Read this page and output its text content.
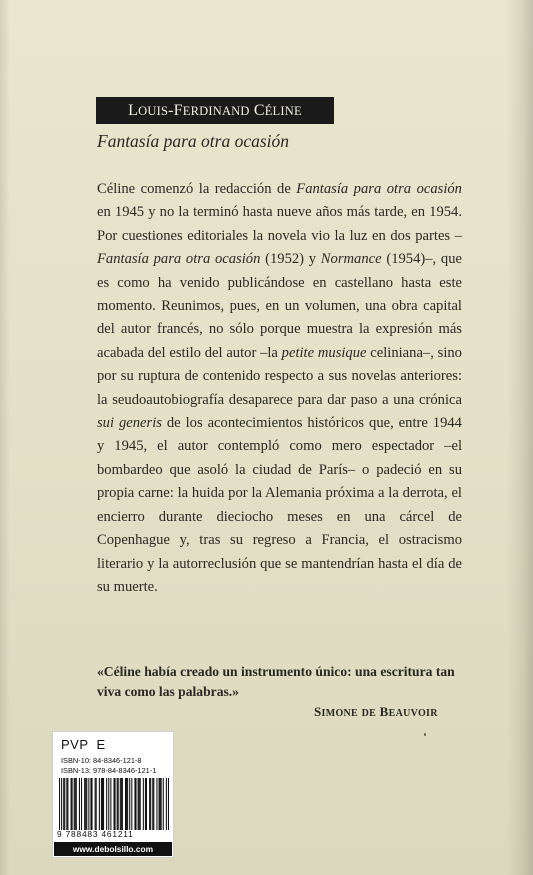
LOUIS-FERDINAND CÉLINE
Fantasía para otra ocasión

Céline comenzó la redacción de Fantasía para otra ocasión en 1945 y no la terminó hasta nueve años más tarde, en 1954. Por cuestiones editoriales la novela vio la luz en dos partes –Fantasía para otra ocasión (1952) y Normance (1954)–, que es como ha venido publicándose en castellano hasta este momento. Reunimos, pues, en un volumen, una obra capital del autor francés, no sólo porque muestra la expresión más acabada del estilo del autor –la petite musique celiniana–, sino por su ruptura de contenido respecto a sus novelas anteriores: la seudoautobiografía desaparece para dar paso a una crónica sui generis de los acontecimientos históricos que, entre 1944 y 1945, el autor contempló como mero espectador –el bombardeo que asoló la ciudad de París– o padeció en su propia carne: la huida por la Alemania próxima a la derrota, el encierro durante dieciocho meses en una cárcel de Copenhague y, tras su regreso a Francia, el ostracismo literario y la autorreclusión que se mantendrían hasta el día de su muerte.

«Céline había creado un instrumento único: una escritura tan viva como las palabras.»

SIMONE DE BEAUVOIR
PVP E
ISBN-10: 84-8346-121-8
ISBN-13: 978-84-8346-121-1
9 788483 461211
www.debolsillo.com
